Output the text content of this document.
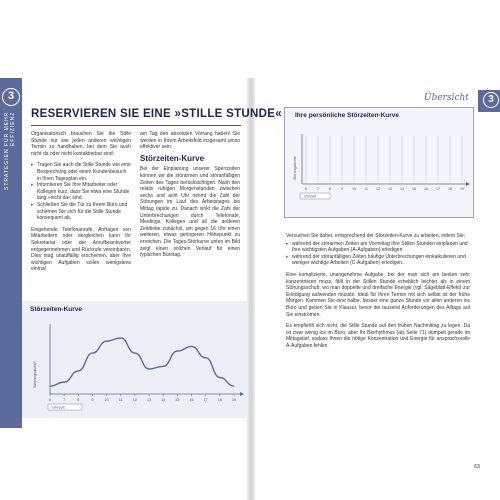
3
STRATEGIEN FÜR MEHR EFFIZIENZ RESERVIEREN SIE EINE »STILLE STUNDE«

Organisatorisch brauchen Sie die Stille Stunde nur wie jeden anderen wichtigen Termin zu handhaben, bei dem Sie auch nicht da oder nicht kontaktierbar sind:

▸ Tragen Sie auch die Stille Stunde wie eine Besprechung oder einen Kundenbesuch in Ihren Tagesplan ein.
▸ Informieren Sie Ihre Mitarbeiter oder Kollegen kurz, dass Sie etwa eine Stunde lang »nicht da« sind.
▸ Schließen Sie die Tür zu Ihrem Büro und schirmen Sie sich für die Stille Stunde konsequent ab.

Eingehende Telefonanrufe, Anfragen von Mitarbeitern oder dergleichen kann Ihr Sekretariat oder der Anrufbeantworter entgegennehmen und Rückrufe vereinbaren. Dies mag unauffällig erscheinen, aber Ihre wichtigen Aufgaben sollen wenigstens einmal

am Tag den absoluten Vorrang haben! Sie werden in Ihrem Arbeitsfeld insgesamt umso effektiver sein.

Störzeiten-Kurve

Bei der Einplanung unserer Sperrzeiten können wir die störarmen und störanfälligen Zeiten des Tages berücksichtigen. Nach den relativ ruhigen Morgenstunden zwischen sechs und acht Uhr nimmt die Zahl der Störungen im Lauf des Arbeitstages bis Mittag rapide zu. Danach sinkt die Zahl der Unterbrechungen durch Telefonate, Meetings, Kollegen und all die anderen Zeitdiebe zunächst, um gegen 16 Uhr einen weiteren, etwas geringeren Höhepunkt zu erreichen. Die Tages-Störkurve unten im Bild zeigt einen solchen Verlauf für einen typischen Bürotag.

Störzeiten-Kurve
Störungsdichte
6	7	8	9	10	11	12	13	14	15	16	17	18	19
Uhrzeit
3
Übersicht
Ihre persönliche Störzeiten-Kurve
Störungsdichte
6	7	8	9	10 11 12 13 14 15 16 17 18 19
Uhrzeit

Versuchen Sie daher, entsprechend der Störzeiten-Kurve zu arbeiten, indem Sie:

▸ während der störarmen Zeiten am Vormittag Ihre Stillen Stunden einplanen und Ihre wichtigsten Aufgaben (A-Aufgaben) erledigen.
▸ während der störanfälligen Zeiten häufige Unterbrechungen einkalkulieren und weniger wichtige Arbeiten (C-Aufgaben) erledigen.

Eine komplizierte, unangenehme Aufgabe, bei der man sich am besten sehr konzentrieren muss, fällt in der Stillen Stunde erheblich leichter als in einem Störungsschub, wo man doppelte und dreifache Energie (vgl. Sägeblatt-Effekt) zur Erledigung aufwenden müsste. Ideal für Ihren Termin mit sich selbst ist der frühe Morgen. Kommen Sie eine halbe, besser eine ganze Stunde vor allen anderen ins Büro und geben Sie in Klausur, bevor die tausend Anforderungen des Alltags auf Sie einströmen.

Es empfiehlt sich nicht, die Stille Stunde auf den frühen Nachmittag zu legen. Da ist zwar wenig los im Büro, aber Ihr Biorhythmus (als Seite 71) dümpelt gerade im Mittagstief, sodass Ihnen die nötige Konzentration und Energie für anspruchsvolle A-Aufgaben fehlen.

63
